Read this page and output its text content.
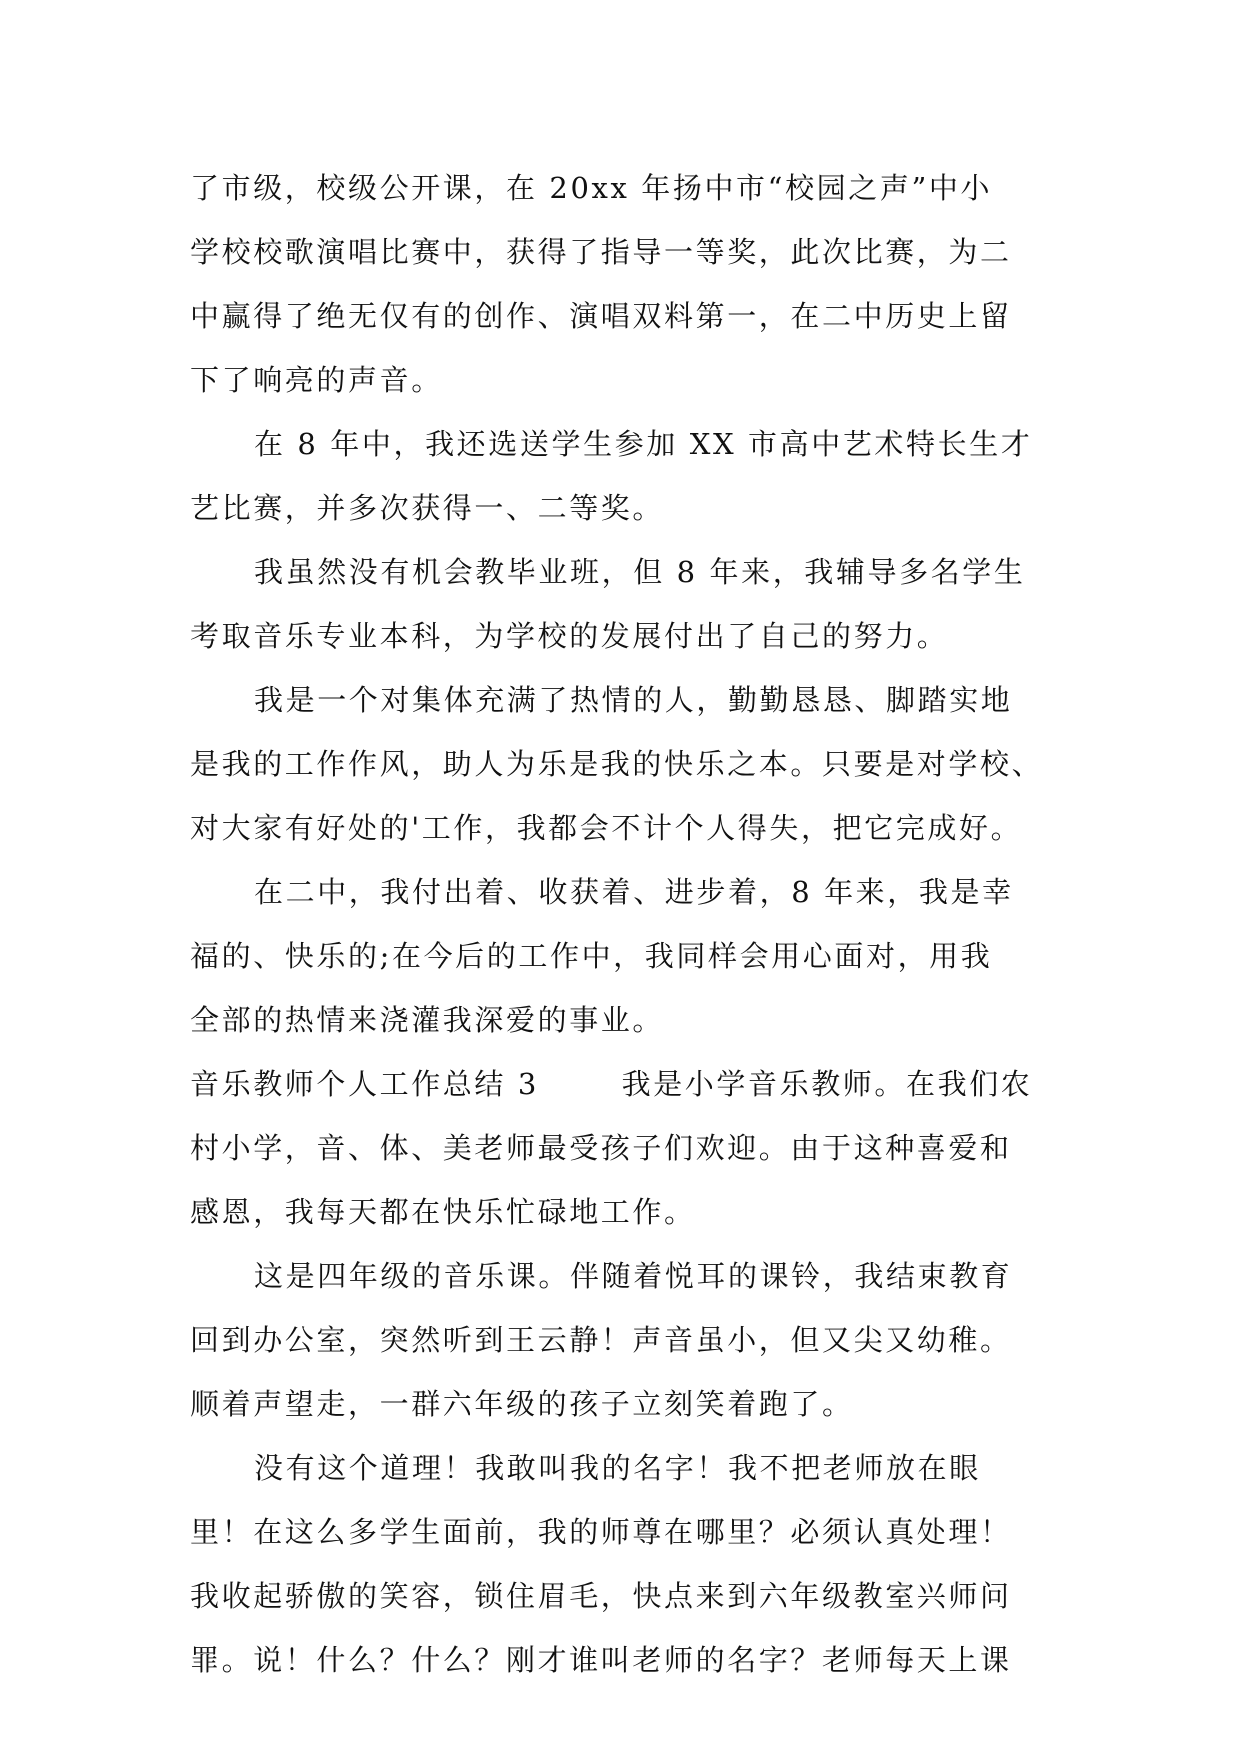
了市级，校级公开课，在 20xx 年扬中市“校园之声”中小
学校校歌演唱比赛中，获得了指导一等奖，此次比赛，为二
中赢得了绝无仅有的创作、演唱双料第一，在二中历史上留
下了响亮的声音。
在 8 年中，我还选送学生参加 XX 市高中艺术特长生才
艺比赛，并多次获得一、二等奖。
我虽然没有机会教毕业班，但 8 年来，我辅导多名学生
考取音乐专业本科，为学校的发展付出了自己的努力。
我是一个对集体充满了热情的人，勤勤恳恳、脚踏实地
是我的工作作风，助人为乐是我的快乐之本。只要是对学校、
对大家有好处的'工作，我都会不计个人得失，把它完成好。
在二中，我付出着、收获着、进步着，8 年来，我是幸
福的、快乐的;在今后的工作中，我同样会用心面对，用我
全部的热情来浇灌我深爱的事业。
音乐教师个人工作总结 3       我是小学音乐教师。在我们农
村小学，音、体、美老师最受孩子们欢迎。由于这种喜爱和
感恩，我每天都在快乐忙碌地工作。
这是四年级的音乐课。伴随着悦耳的课铃，我结束教育
回到办公室，突然听到王云静！声音虽小，但又尖又幼稚。
顺着声望走，一群六年级的孩子立刻笑着跑了。
没有这个道理！我敢叫我的名字！我不把老师放在眼
里！在这么多学生面前，我的师尊在哪里？必须认真处理！
我收起骄傲的笑容，锁住眉毛，快点来到六年级教室兴师问
罪。说！什么？什么？刚才谁叫老师的名字？老师每天上课
